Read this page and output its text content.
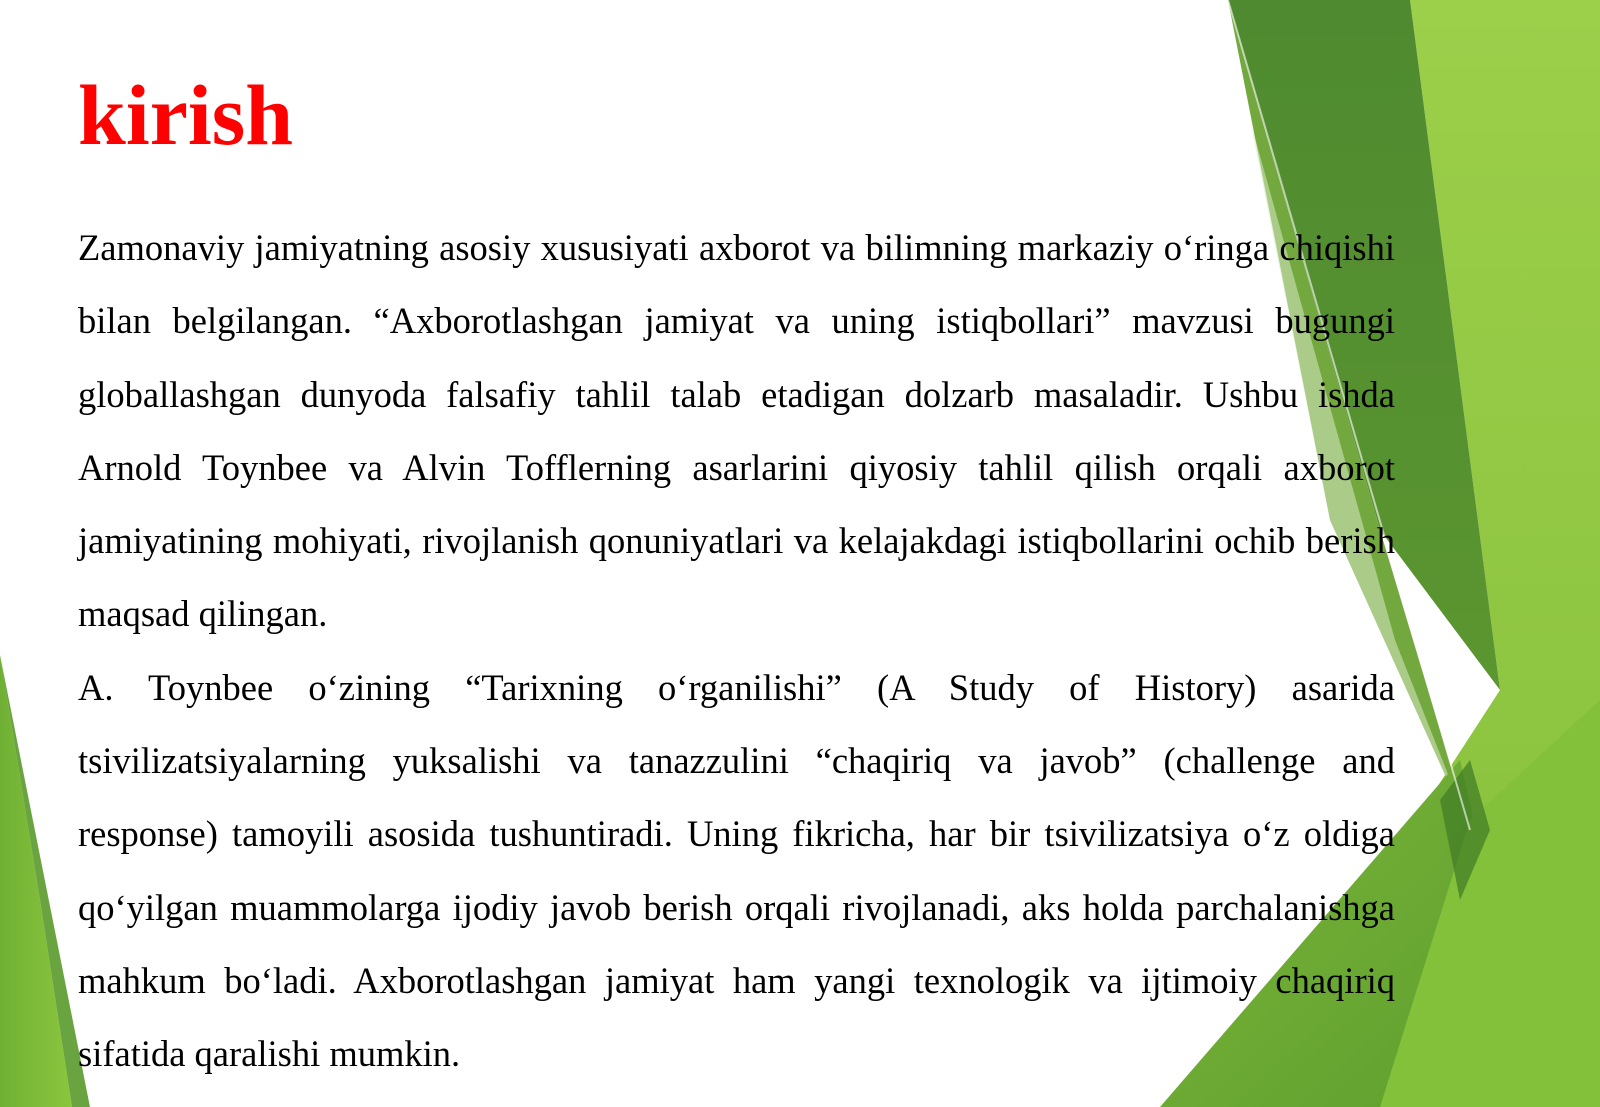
kirish

Zamonaviy jamiyatning asosiy xususiyati axborot va bilimning markaziy o‘ringa chiqishi bilan belgilangan. “Axborotlashgan jamiyat va uning istiqbollari” mavzusi bugungi globallashgan dunyoda falsafiy tahlil talab etadigan dolzarb masaladir. Ushbu ishda Arnold Toynbee va Alvin Tofflerning asarlarini qiyosiy tahlil qilish orqali axborot jamiyatining mohiyati, rivojlanish qonuniyatlari va kelajakdagi istiqbollarini ochib berish maqsad qilingan.

A. Toynbee o‘zining “Tarixning o‘rganilishi” (A Study of History) asarida tsivilizatsiyalarning yuksalishi va tanazzulini “chaqiriq va javob” (challenge and response) tamoyili asosida tushuntiradi. Uning fikricha, har bir tsivilizatsiya o‘z oldiga qo‘yilgan muammolarga ijodiy javob berish orqali rivojlanadi, aks holda parchalanishga mahkum bo‘ladi. Axborotlashgan jamiyat ham yangi texnologik va ijtimoiy chaqiriq sifatida qaralishi mumkin.
